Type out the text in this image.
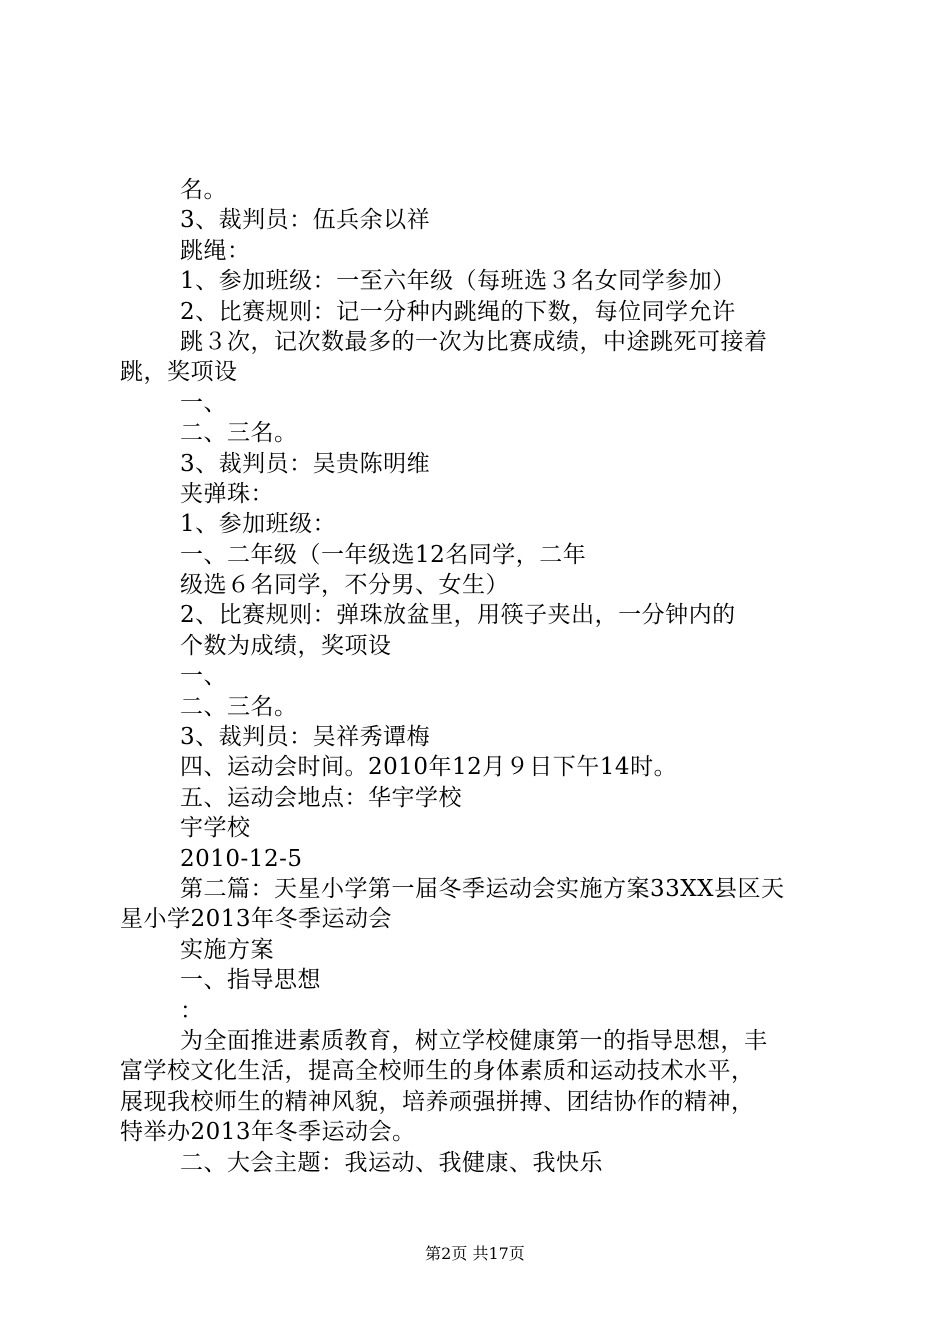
名。
3、裁判员：伍兵余以祥
跳绳：
1、参加班级：一至六年级（每班选３名女同学参加）
2、比赛规则：记一分种内跳绳的下数，每位同学允许
跳３次，记次数最多的一次为比赛成绩，中途跳死可接着
跳，奖项设
一、
二、三名。
3、裁判员：吴贵陈明维
夹弹珠：
1、参加班级：
一、二年级（一年级选12名同学，二年
级选６名同学，不分男、女生）
2、比赛规则：弹珠放盆里，用筷子夹出，一分钟内的
个数为成绩，奖项设
一、
二、三名。
3、裁判员：吴祥秀谭梅
四、运动会时间。2010年12月９日下午14时。
五、运动会地点：华宇学校
宇学校
2010-12-5
第二篇：天星小学第一届冬季运动会实施方案33XX县区天
星小学2013年冬季运动会
实施方案
一、指导思想
：
为全面推进素质教育，树立学校健康第一的指导思想，丰
富学校文化生活，提高全校师生的身体素质和运动技术水平，
展现我校师生的精神风貌，培养顽强拼搏、团结协作的精神，
特举办2013年冬季运动会。
二、大会主题：我运动、我健康、我快乐
第2页 共17页
